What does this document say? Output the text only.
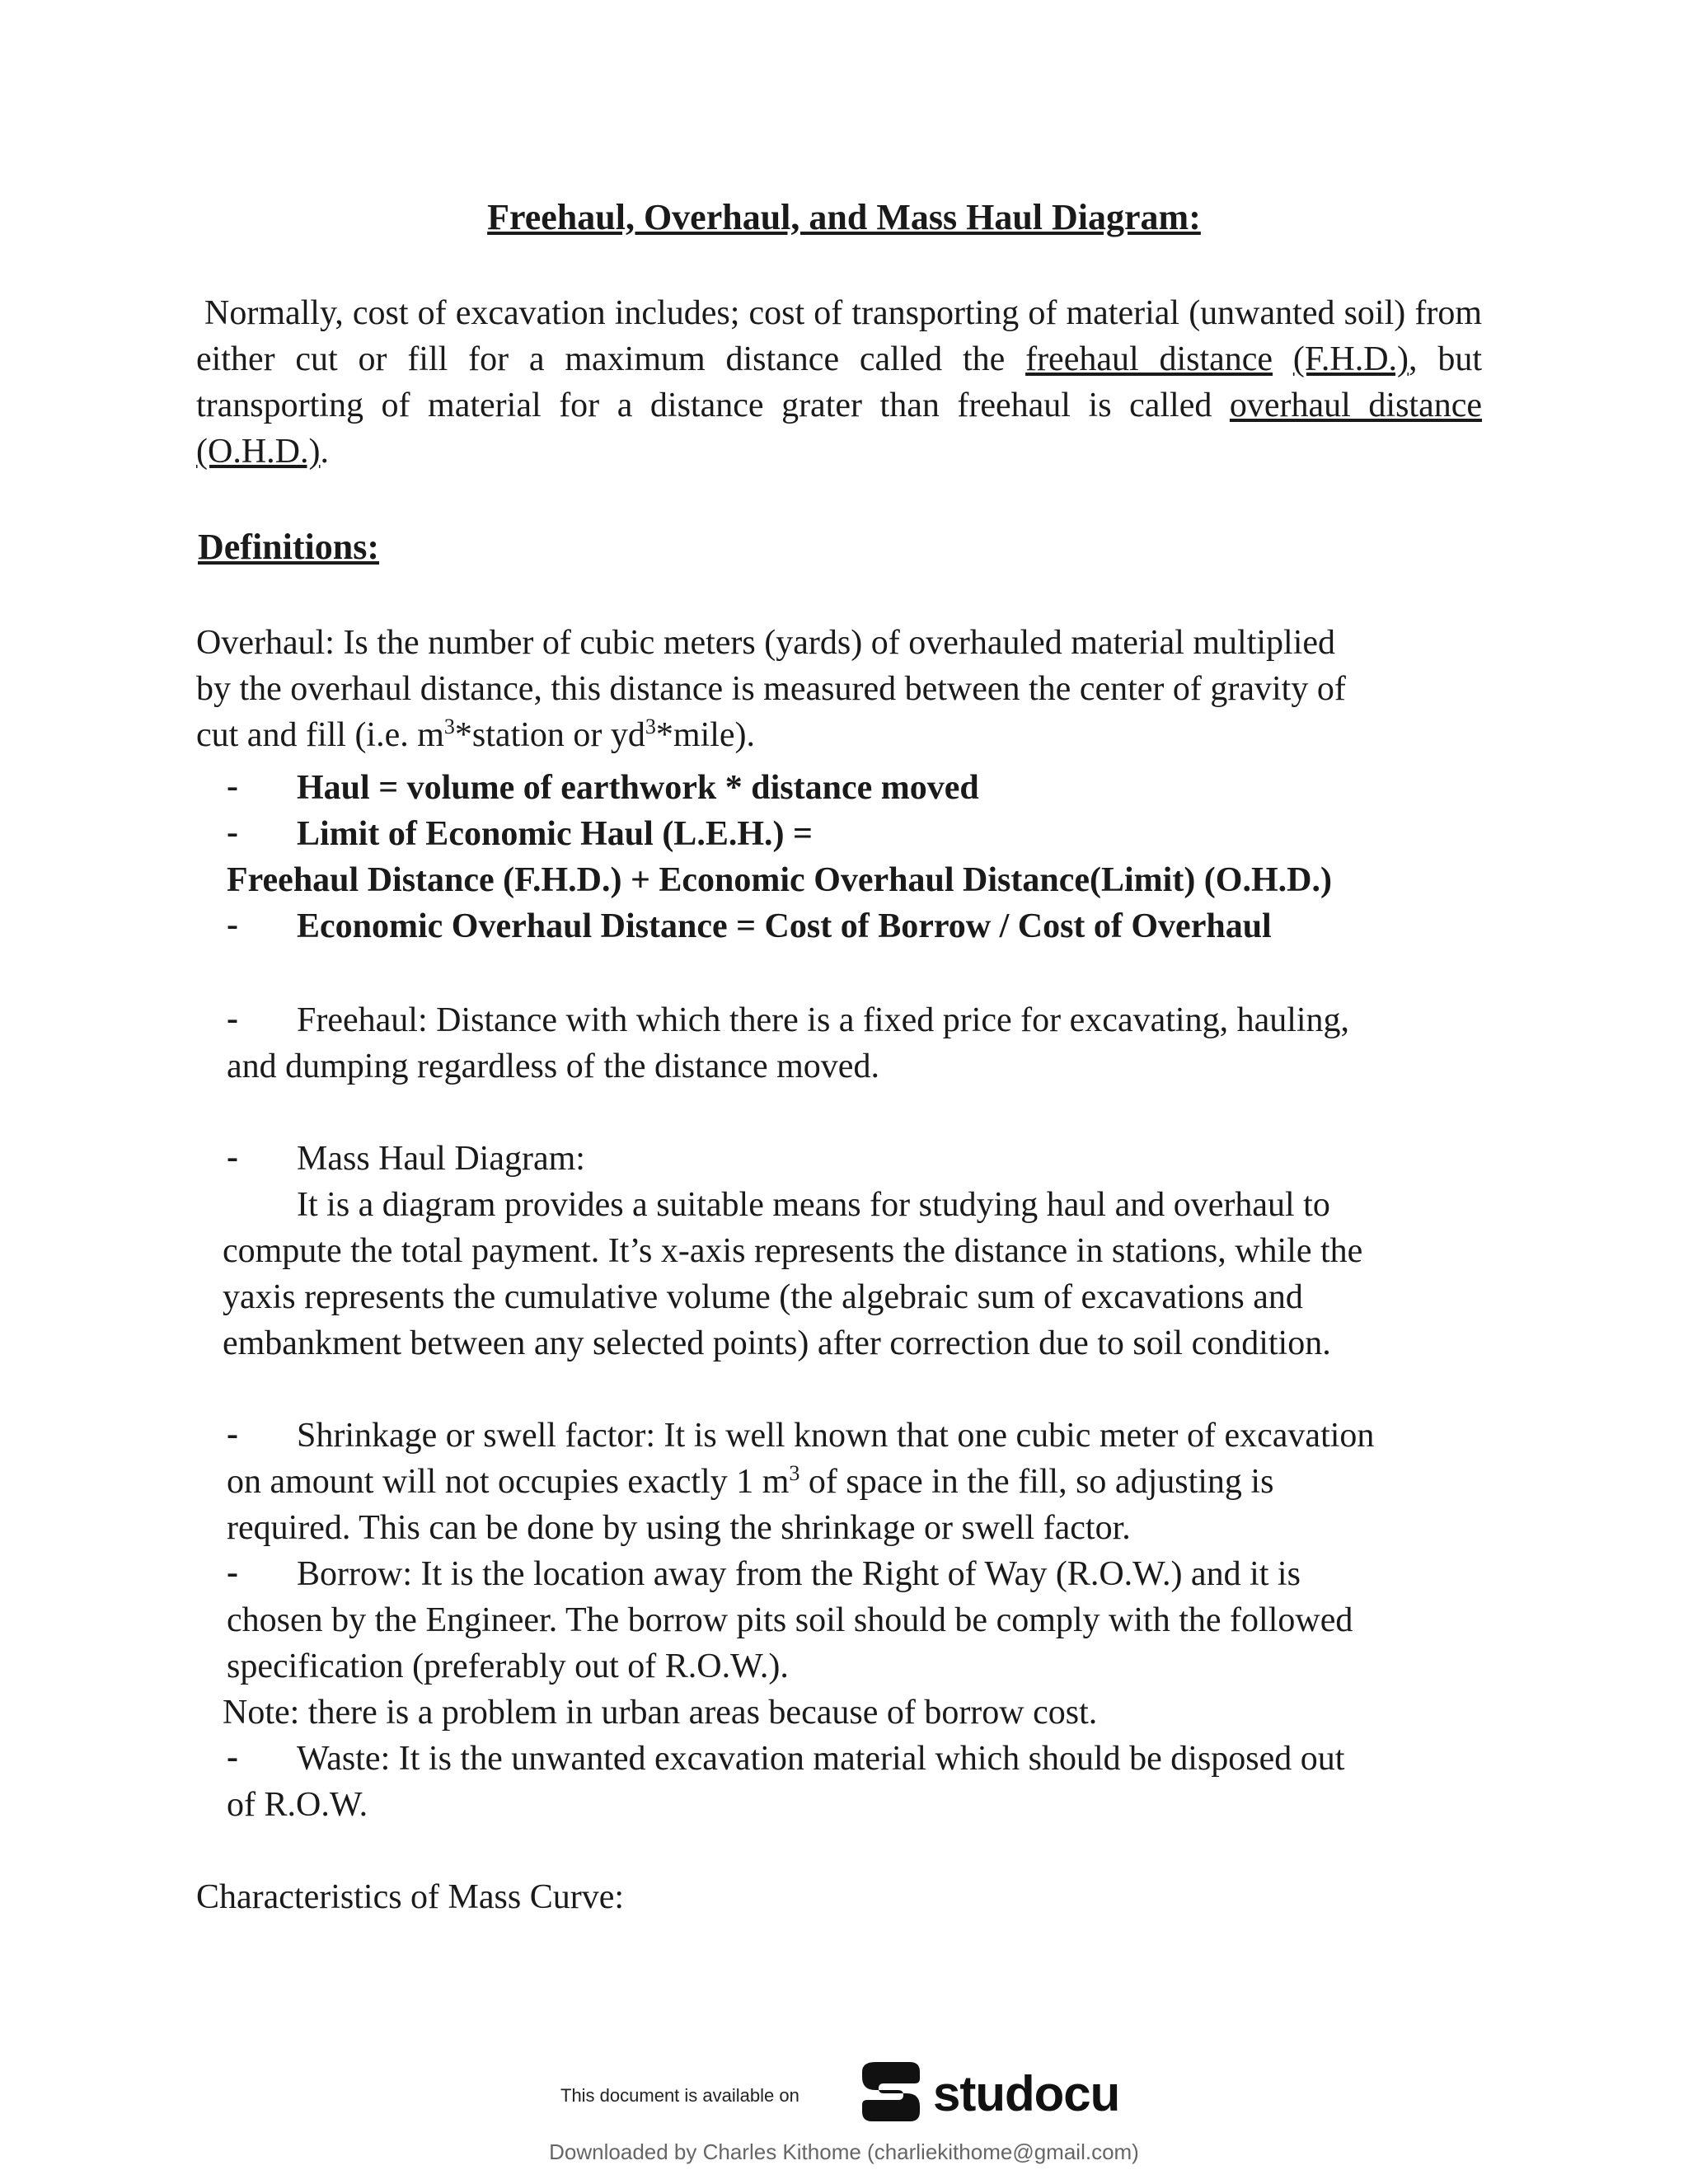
Freehaul, Overhaul, and Mass Haul Diagram:
Normally, cost of excavation includes; cost of transporting of material (unwanted soil) from either cut or fill for a maximum distance called the freehaul distance (F.H.D.), but transporting of material for a distance grater than freehaul is called overhaul distance (O.H.D.).
Definitions:
Overhaul: Is the number of cubic meters (yards) of overhauled material multiplied
by the overhaul distance, this distance is measured between the center of gravity of
cut and fill (i.e. $m^3*station$ or $yd^3*mile$).
- Haul = volume of earthwork * distance moved
- Limit of Economic Haul (L.E.H.) =
Freehaul Distance (F.H.D.) + Economic Overhaul Distance(Limit) (O.H.D.)
- Economic Overhaul Distance = Cost of Borrow / Cost of Overhaul
- Freehaul: Distance with which there is a fixed price for excavating, hauling,
and dumping regardless of the distance moved.
- Mass Haul Diagram:
It is a diagram provides a suitable means for studying haul and overhaul to
compute the total payment. It’s x-axis represents the distance in stations, while the
yaxis represents the cumulative volume (the algebraic sum of excavations and
embankment between any selected points) after correction due to soil condition.
- Shrinkage or swell factor: It is well known that one cubic meter of excavation
on amount will not occupies exactly 1 $m^3$ of space in the fill, so adjusting is
required. This can be done by using the shrinkage or swell factor.
- Borrow: It is the location away from the Right of Way (R.O.W.) and it is
chosen by the Engineer. The borrow pits soil should be comply with the followed
specification (preferably out of R.O.W.).
Note: there is a problem in urban areas because of borrow cost.
- Waste: It is the unwanted excavation material which should be disposed out
of R.O.W.
Characteristics of Mass Curve:
This document is available on	studocu
Downloaded by Charles Kithome (charliekithome@gmail.com)
